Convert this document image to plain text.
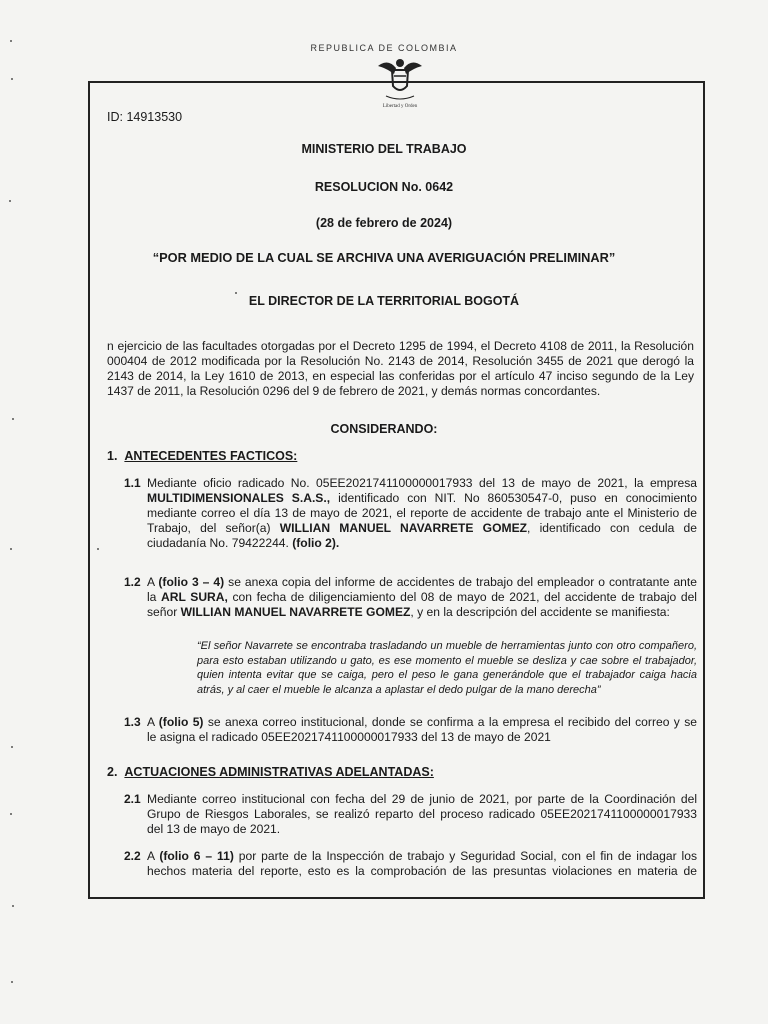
REPUBLICA DE COLOMBIA
Libertad y Orden
ID: 14913530
MINISTERIO DEL TRABAJO
RESOLUCION No. 0642
(28 de febrero de 2024)
“POR MEDIO DE LA CUAL SE ARCHIVA UNA AVERIGUACIÓN PRELIMINAR”
EL DIRECTOR DE LA TERRITORIAL BOGOTÁ
n ejercicio de las facultades otorgadas por el Decreto 1295 de 1994, el Decreto 4108 de 2011, la Resolución
000404 de 2012 modificada por la Resolución No. 2143 de 2014, Resolución 3455 de 2021 que derogó la
2143 de 2014, la Ley 1610 de 2013, en especial las conferidas por el artículo 47 inciso segundo de la Ley
1437 de 2011, la Resolución 0296 del 9 de febrero de 2021, y demás normas concordantes.
CONSIDERANDO:
1. ANTECEDENTES FACTICOS:
1.1 Mediante oficio radicado No. 05EE2021741100000017933 del 13 de mayo de 2021, la empresa
MULTIDIMENSIONALES S.A.S., identificado con NIT. No 860530547-0, puso en conocimiento
mediante correo el día 13 de mayo de 2021, el reporte de accidente de trabajo ante el Ministerio de
Trabajo, del señor(a) WILLIAN MANUEL NAVARRETE GOMEZ, identificado con cedula de
ciudadanía No. 79422244. (folio 2).
1.2 A (folio 3 – 4) se anexa copia del informe de accidentes de trabajo del empleador o contratante ante
la ARL SURA, con fecha de diligenciamiento del 08 de mayo de 2021, del accidente de trabajo del
señor WILLIAN MANUEL NAVARRETE GOMEZ, y en la descripción del accidente se manifiesta:
“El señor Navarrete se encontraba trasladando un mueble de herramientas junto con otro compañero,
para esto estaban utilizando u gato, es ese momento el mueble se desliza y cae sobre el trabajador,
quien intenta evitar que se caiga, pero el peso le gana generándole que el trabajador caiga hacia
atrás, y al caer el mueble le alcanza a aplastar el dedo pulgar de la mano derecha”
1.3 A (folio 5) se anexa correo institucional, donde se confirma a la empresa el recibido del correo y se
le asigna el radicado 05EE2021741100000017933 del 13 de mayo de 2021
2. ACTUACIONES ADMINISTRATIVAS ADELANTADAS:
2.1 Mediante correo institucional con fecha del 29 de junio de 2021, por parte de la Coordinación del
Grupo de Riesgos Laborales, se realizó reparto del proceso radicado 05EE2021741100000017933
del 13 de mayo de 2021.
2.2 A (folio 6 – 11) por parte de la Inspección de trabajo y Seguridad Social, con el fin de indagar los
hechos materia del reporte, esto es la comprobación de las presuntas violaciones en materia de
